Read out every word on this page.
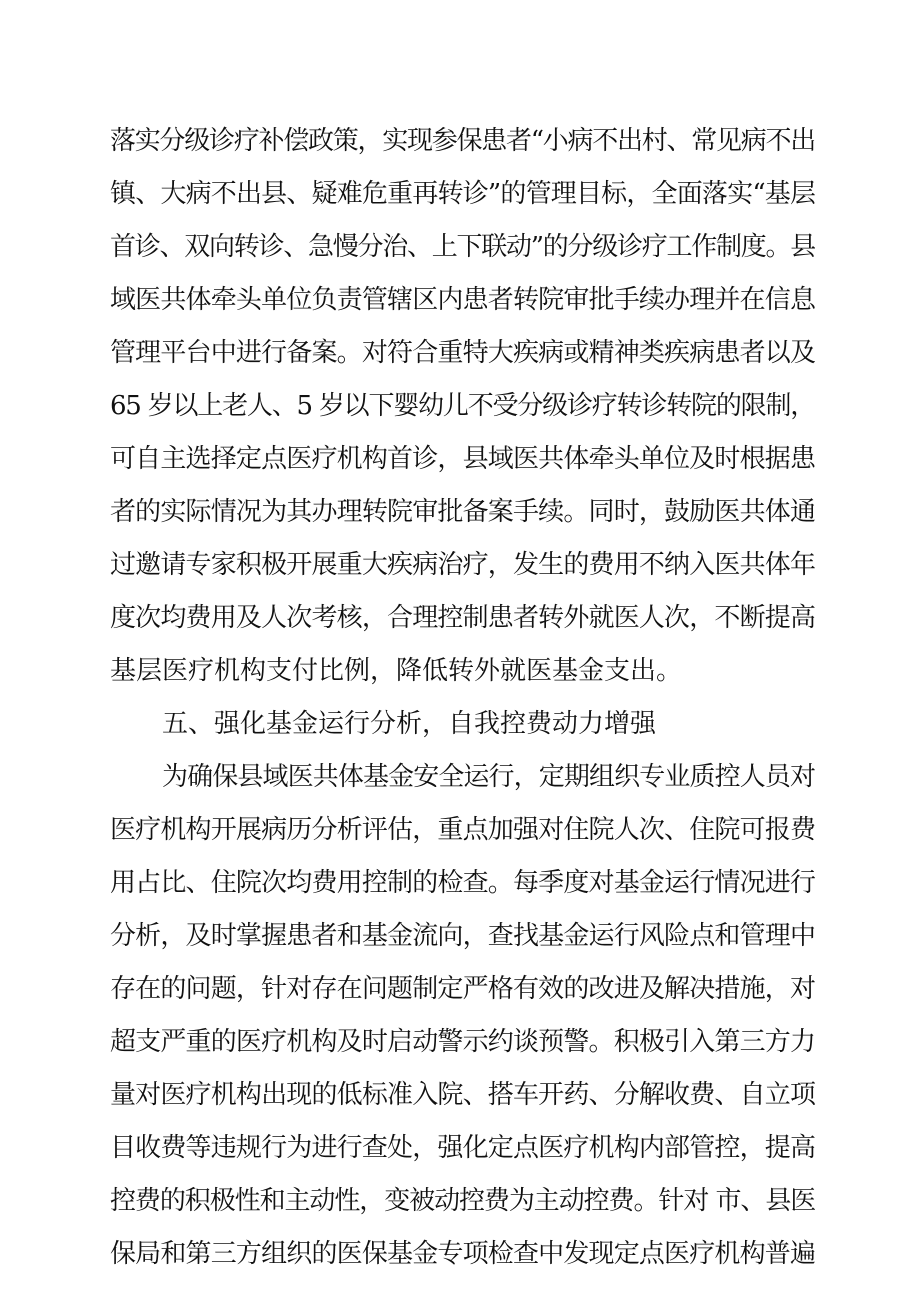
落实分级诊疗补偿政策，实现参保患者“小病不出村、常见病不出
镇、大病不出县、疑难危重再转诊”的管理目标，全面落实“基层
首诊、双向转诊、急慢分治、上下联动”的分级诊疗工作制度。县
域医共体牵头单位负责管辖区内患者转院审批手续办理并在信息
管理平台中进行备案。对符合重特大疾病或精神类疾病患者以及
65 岁以上老人、5 岁以下婴幼儿不受分级诊疗转诊转院的限制，
可自主选择定点医疗机构首诊，县域医共体牵头单位及时根据患
者的实际情况为其办理转院审批备案手续。同时，鼓励医共体通
过邀请专家积极开展重大疾病治疗，发生的费用不纳入医共体年
度次均费用及人次考核，合理控制患者转外就医人次，不断提高
基层医疗机构支付比例，降低转外就医基金支出。
五、强化基金运行分析，自我控费动力增强
为确保县域医共体基金安全运行，定期组织专业质控人员对
医疗机构开展病历分析评估，重点加强对住院人次、住院可报费
用占比、住院次均费用控制的检查。每季度对基金运行情况进行
分析，及时掌握患者和基金流向，查找基金运行风险点和管理中
存在的问题，针对存在问题制定严格有效的改进及解决措施，对
超支严重的医疗机构及时启动警示约谈预警。积极引入第三方力
量对医疗机构出现的低标准入院、搭车开药、分解收费、自立项
目收费等违规行为进行查处，强化定点医疗机构内部管控，提高
控费的积极性和主动性，变被动控费为主动控费。针对 市、县医
保局和第三方组织的医保基金专项检查中发现定点医疗机构普遍
